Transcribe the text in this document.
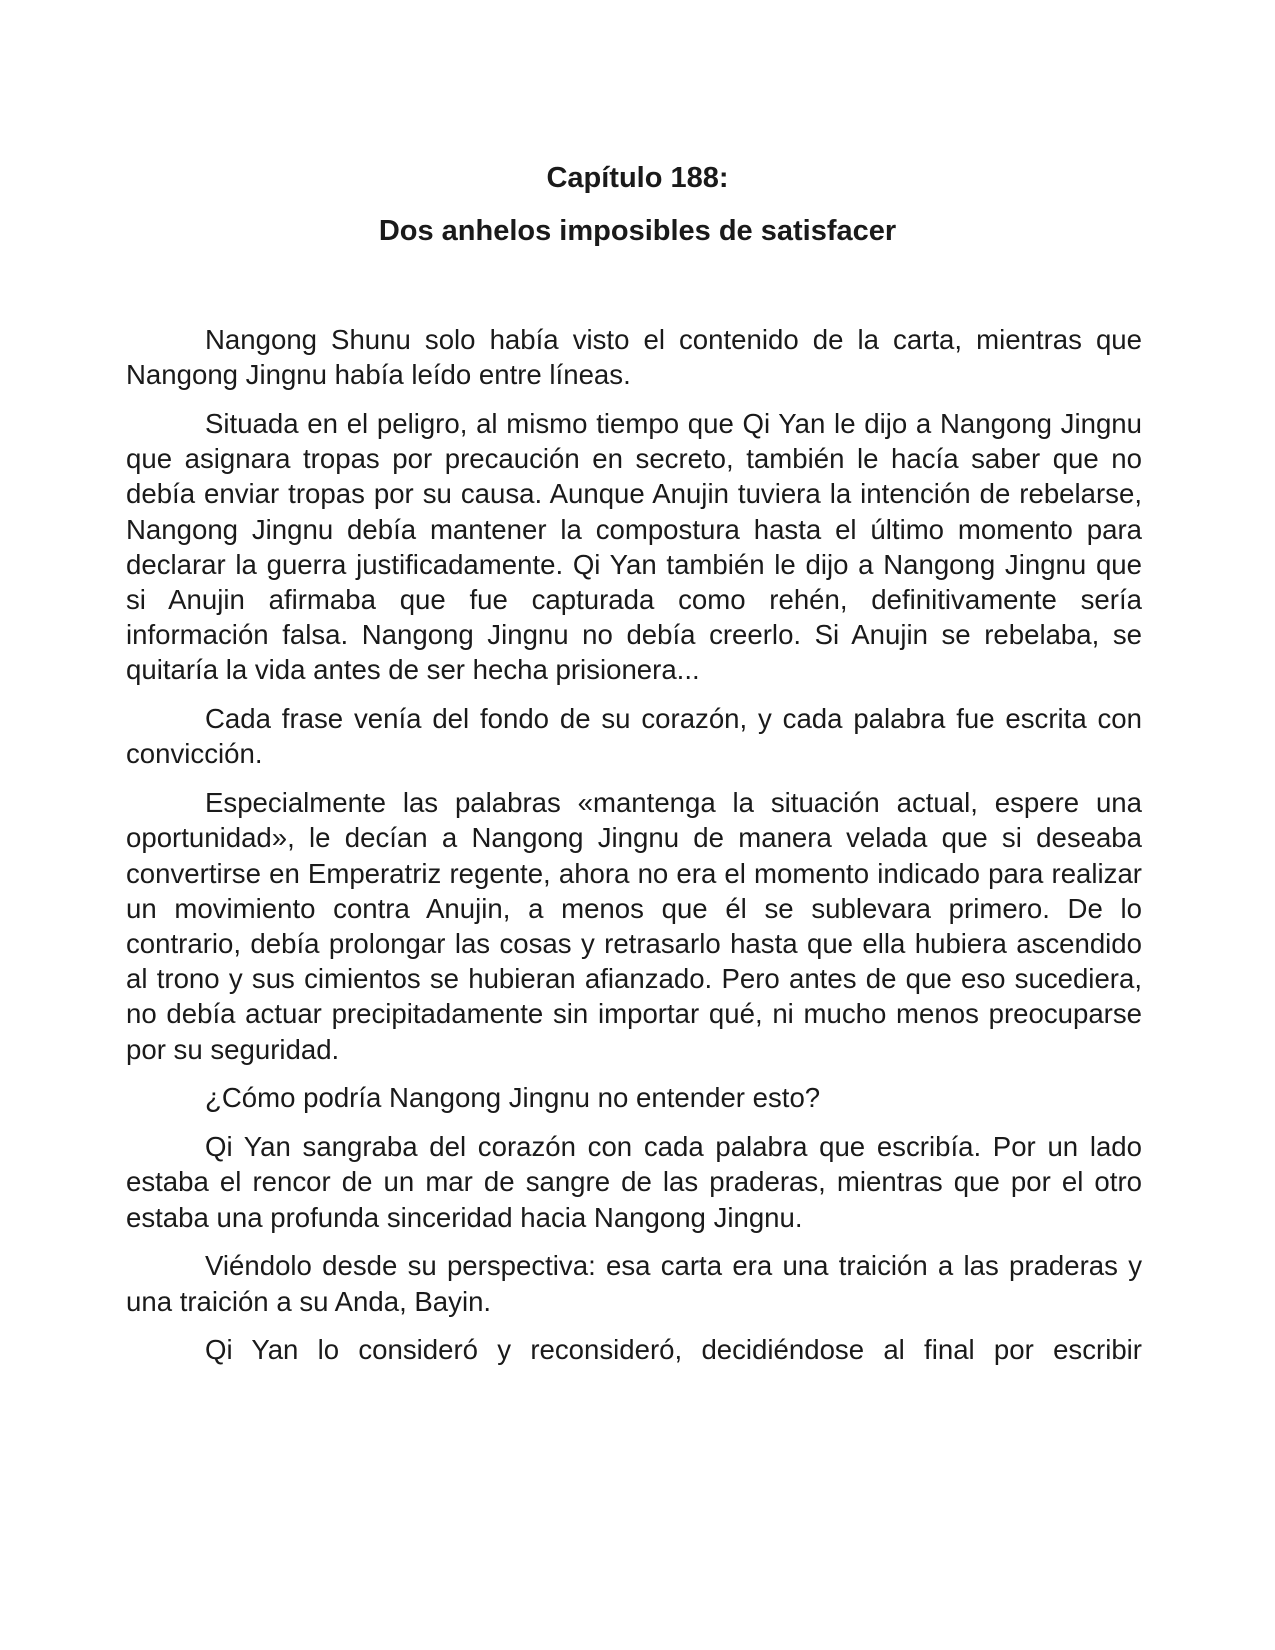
Capítulo 188:

Dos anhelos imposibles de satisfacer

Nangong Shunu solo había visto el contenido de la carta, mientras que Nangong Jingnu había leído entre líneas.

Situada en el peligro, al mismo tiempo que Qi Yan le dijo a Nangong Jingnu que asignara tropas por precaución en secreto, también le hacía saber que no debía enviar tropas por su causa. Aunque Anujin tuviera la intención de rebelarse, Nangong Jingnu debía mantener la compostura hasta el último momento para declarar la guerra justificadamente. Qi Yan también le dijo a Nangong Jingnu que si Anujin afirmaba que fue capturada como rehén, definitivamente sería información falsa. Nangong Jingnu no debía creerlo. Si Anujin se rebelaba, se quitaría la vida antes de ser hecha prisionera...

Cada frase venía del fondo de su corazón, y cada palabra fue escrita con convicción.

Especialmente las palabras «mantenga la situación actual, espere una oportunidad», le decían a Nangong Jingnu de manera velada que si deseaba convertirse en Emperatriz regente, ahora no era el momento indicado para realizar un movimiento contra Anujin, a menos que él se sublevara primero. De lo contrario, debía prolongar las cosas y retrasarlo hasta que ella hubiera ascendido al trono y sus cimientos se hubieran afianzado. Pero antes de que eso sucediera, no debía actuar precipitadamente sin importar qué, ni mucho menos preocuparse por su seguridad.

¿Cómo podría Nangong Jingnu no entender esto?

Qi Yan sangraba del corazón con cada palabra que escribía. Por un lado estaba el rencor de un mar de sangre de las praderas, mientras que por el otro estaba una profunda sinceridad hacia Nangong Jingnu.

Viéndolo desde su perspectiva: esa carta era una traición a las praderas y una traición a su Anda, Bayin.

Qi Yan lo consideró y reconsideró, decidiéndose al final por escribir
